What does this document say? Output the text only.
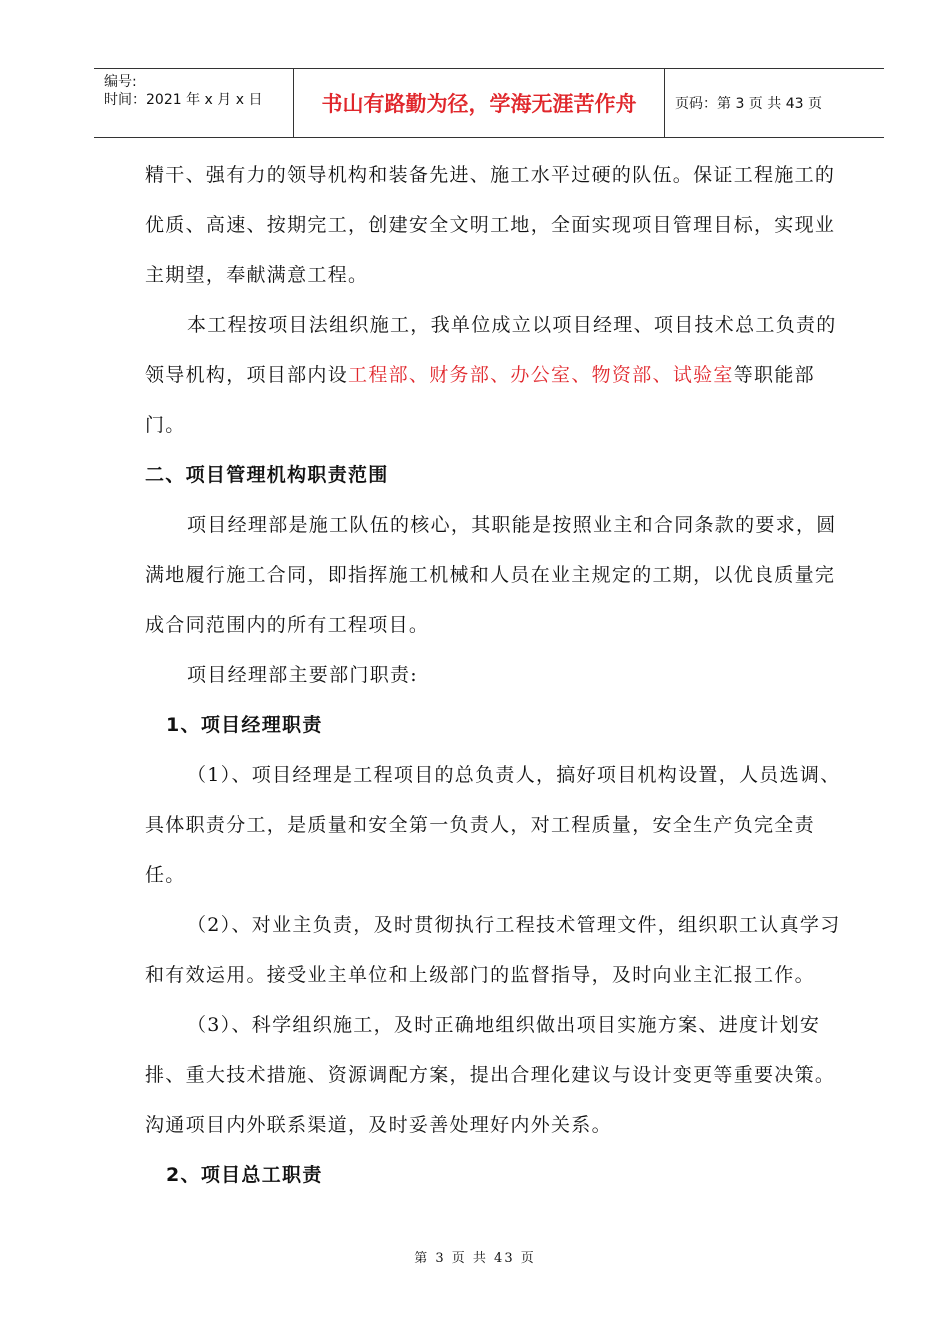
编号:
时间：2021 年 x 月 x 日	书山有路勤为径，学海无涯苦作舟	页码：第 3 页 共 43 页

精干、强有力的领导机构和装备先进、施工水平过硬的队伍。保证工程施工的优质、高速、按期完工，创建安全文明工地，全面实现项目管理目标，实现业主期望，奉献满意工程。

本工程按项目法组织施工，我单位成立以项目经理、项目技术总工负责的领导机构，项目部内设工程部、财务部、办公室、物资部、试验室等职能部门。

二、项目管理机构职责范围

项目经理部是施工队伍的核心，其职能是按照业主和合同条款的要求，圆满地履行施工合同，即指挥施工机械和人员在业主规定的工期，以优良质量完成合同范围内的所有工程项目。

项目经理部主要部门职责:

1、项目经理职责

（1）、项目经理是工程项目的总负责人，搞好项目机构设置，人员选调、具体职责分工，是质量和安全第一负责人，对工程质量，安全生产负完全责任。

（2）、对业主负责，及时贯彻执行工程技术管理文件，组织职工认真学习和有效运用。接受业主单位和上级部门的监督指导，及时向业主汇报工作。

（3）、科学组织施工，及时正确地组织做出项目实施方案、进度计划安排、重大技术措施、资源调配方案，提出合理化建议与设计变更等重要决策。沟通项目内外联系渠道，及时妥善处理好内外关系。

2、项目总工职责

第 3 页 共 43 页
